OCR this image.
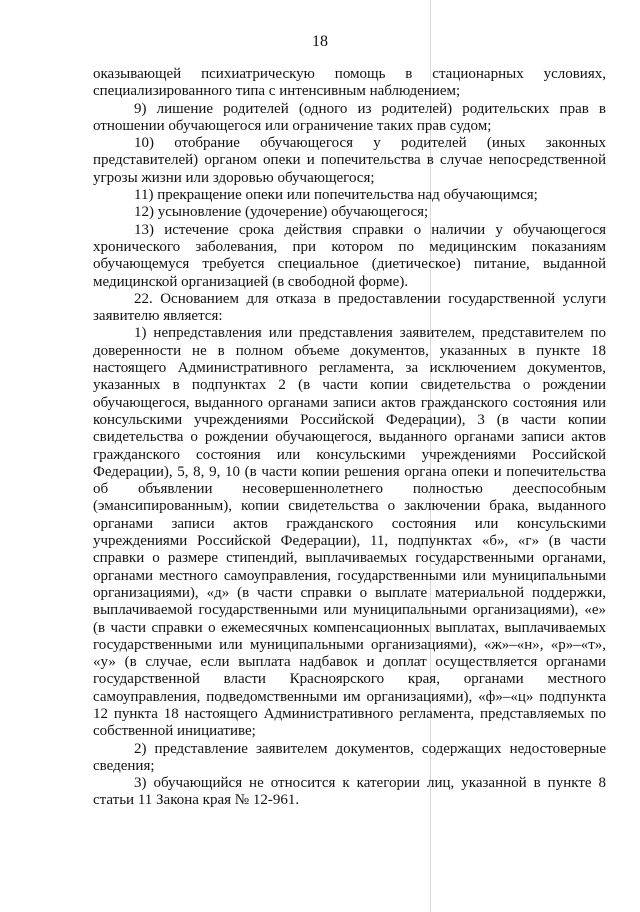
18

оказывающей психиатрическую помощь в стационарных условиях, специализированного типа с интенсивным наблюдением;

9) лишение родителей (одного из родителей) родительских прав в отношении обучающегося или ограничение таких прав судом;

10) отобрание обучающегося у родителей (иных законных представителей) органом опеки и попечительства в случае непосредственной угрозы жизни или здоровью обучающегося;

11) прекращение опеки или попечительства над обучающимся;

12) усыновление (удочерение) обучающегося;

13) истечение срока действия справки о наличии у обучающегося хронического заболевания, при котором по медицинским показаниям обучающемуся требуется специальное (диетическое) питание, выданной медицинской организацией (в свободной форме).

22. Основанием для отказа в предоставлении государственной услуги заявителю является:

1) непредставления или представления заявителем, представителем по доверенности не в полном объеме документов, указанных в пункте 18 настоящего Административного регламента, за исключением документов, указанных в подпунктах 2 (в части копии свидетельства о рождении обучающегося, выданного органами записи актов гражданского состояния или консульскими учреждениями Российской Федерации), 3 (в части копии свидетельства о рождении обучающегося, выданного органами записи актов гражданского состояния или консульскими учреждениями Российской Федерации), 5, 8, 9, 10 (в части копии решения органа опеки и попечительства об объявлении несовершеннолетнего полностью дееспособным (эмансипированным), копии свидетельства о заключении брака, выданного органами записи актов гражданского состояния или консульскими учреждениями Российской Федерации), 11, подпунктах «б», «г» (в части справки о размере стипендий, выплачиваемых государственными органами, органами местного самоуправления, государственными или муниципальными организациями), «д» (в части справки о выплате материальной поддержки, выплачиваемой государственными или муниципальными организациями), «е» (в части справки о ежемесячных компенсационных выплатах, выплачиваемых государственными или муниципальными организациями), «ж»–«н», «р»–«т», «у» (в случае, если выплата надбавок и доплат осуществляется органами государственной власти Красноярского края, органами местного самоуправления, подведомственными им организациями), «ф»–«ц» подпункта 12 пункта 18 настоящего Административного регламента, представляемых по собственной инициативе;

2) представление заявителем документов, содержащих недостоверные сведения;

3) обучающийся не относится к категории лиц, указанной в пункте 8 статьи 11 Закона края № 12-961.
